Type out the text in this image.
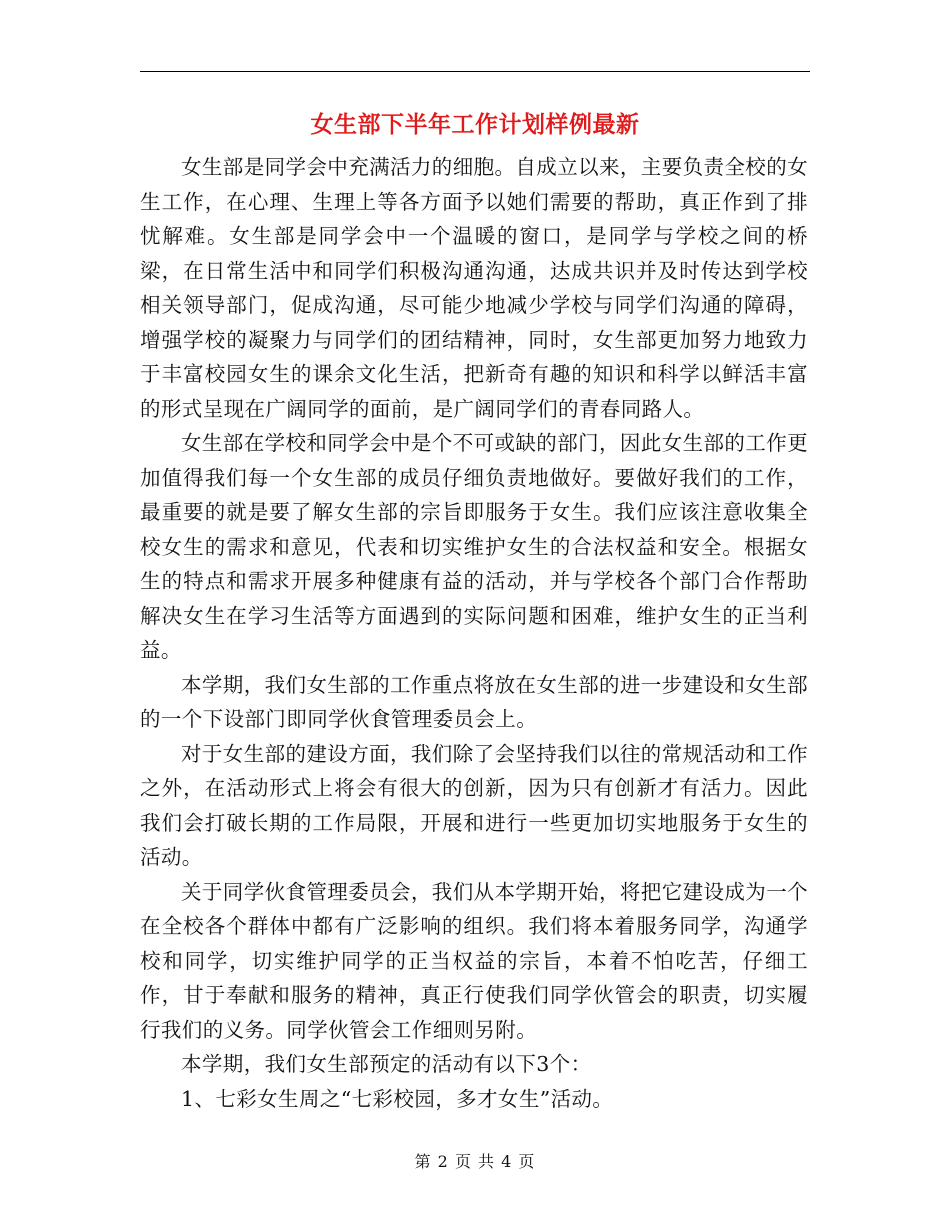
女生部下半年工作计划样例最新

女生部是同学会中充满活力的细胞。自成立以来，主要负责全校的女生工作，在心理、生理上等各方面予以她们需要的帮助，真正作到了排忧解难。女生部是同学会中一个温暖的窗口，是同学与学校之间的桥梁，在日常生活中和同学们积极沟通沟通，达成共识并及时传达到学校相关领导部门，促成沟通，尽可能少地减少学校与同学们沟通的障碍，增强学校的凝聚力与同学们的团结精神，同时，女生部更加努力地致力于丰富校园女生的课余文化生活，把新奇有趣的知识和科学以鲜活丰富的形式呈现在广阔同学的面前，是广阔同学们的青春同路人。

女生部在学校和同学会中是个不可或缺的部门，因此女生部的工作更加值得我们每一个女生部的成员仔细负责地做好。要做好我们的工作，最重要的就是要了解女生部的宗旨即服务于女生。我们应该注意收集全校女生的需求和意见，代表和切实维护女生的合法权益和安全。根据女生的特点和需求开展多种健康有益的活动，并与学校各个部门合作帮助解决女生在学习生活等方面遇到的实际问题和困难，维护女生的正当利益。

本学期，我们女生部的工作重点将放在女生部的进一步建设和女生部的一个下设部门即同学伙食管理委员会上。

对于女生部的建设方面，我们除了会坚持我们以往的常规活动和工作之外，在活动形式上将会有很大的创新，因为只有创新才有活力。因此我们会打破长期的工作局限，开展和进行一些更加切实地服务于女生的活动。

关于同学伙食管理委员会，我们从本学期开始，将把它建设成为一个在全校各个群体中都有广泛影响的组织。我们将本着服务同学，沟通学校和同学，切实维护同学的正当权益的宗旨，本着不怕吃苦，仔细工作，甘于奉献和服务的精神，真正行使我们同学伙管会的职责，切实履行我们的义务。同学伙管会工作细则另附。

本学期，我们女生部预定的活动有以下3个：

1、七彩女生周之“七彩校园，多才女生”活动。

第 2 页 共 4 页
